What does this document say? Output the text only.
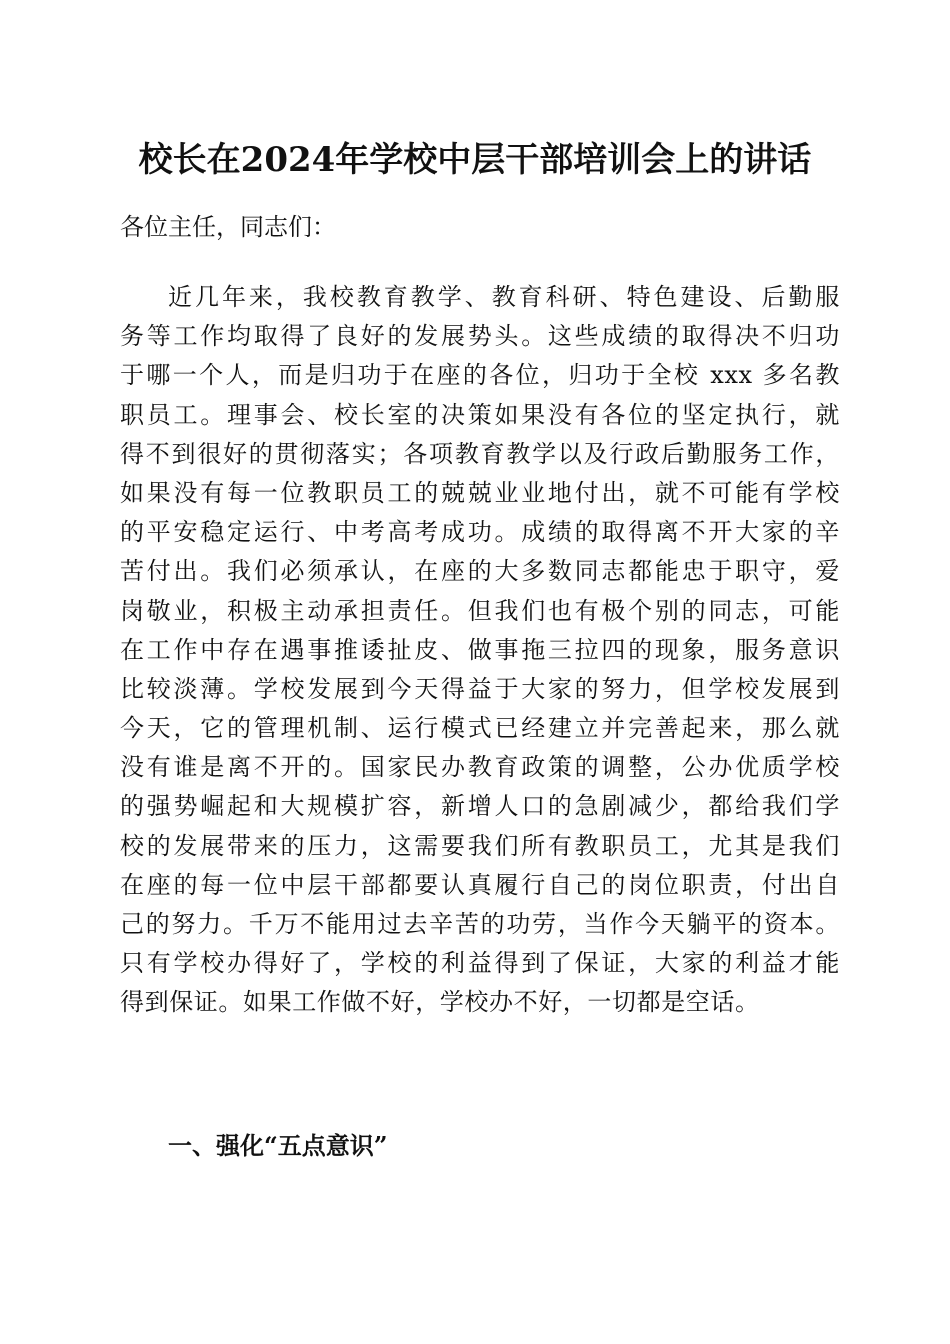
校长在2024年学校中层干部培训会上的讲话

各位主任，同志们：

近几年来，我校教育教学、教育科研、特色建设、后勤服
务等工作均取得了良好的发展势头。这些成绩的取得决不归功
于哪一个人，而是归功于在座的各位，归功于全校 xxx 多名教
职员工。理事会、校长室的决策如果没有各位的坚定执行，就
得不到很好的贯彻落实；各项教育教学以及行政后勤服务工作，
如果没有每一位教职员工的兢兢业业地付出，就不可能有学校
的平安稳定运行、中考高考成功。成绩的取得离不开大家的辛
苦付出。我们必须承认，在座的大多数同志都能忠于职守，爱
岗敬业，积极主动承担责任。但我们也有极个别的同志，可能
在工作中存在遇事推诿扯皮、做事拖三拉四的现象，服务意识
比较淡薄。学校发展到今天得益于大家的努力，但学校发展到
今天，它的管理机制、运行模式已经建立并完善起来，那么就
没有谁是离不开的。国家民办教育政策的调整，公办优质学校
的强势崛起和大规模扩容，新增人口的急剧减少，都给我们学
校的发展带来的压力，这需要我们所有教职员工，尤其是我们
在座的每一位中层干部都要认真履行自己的岗位职责，付出自
己的努力。千万不能用过去辛苦的功劳，当作今天躺平的资本。
只有学校办得好了，学校的利益得到了保证，大家的利益才能
得到保证。如果工作做不好，学校办不好，一切都是空话。
一、强化“五点意识”
